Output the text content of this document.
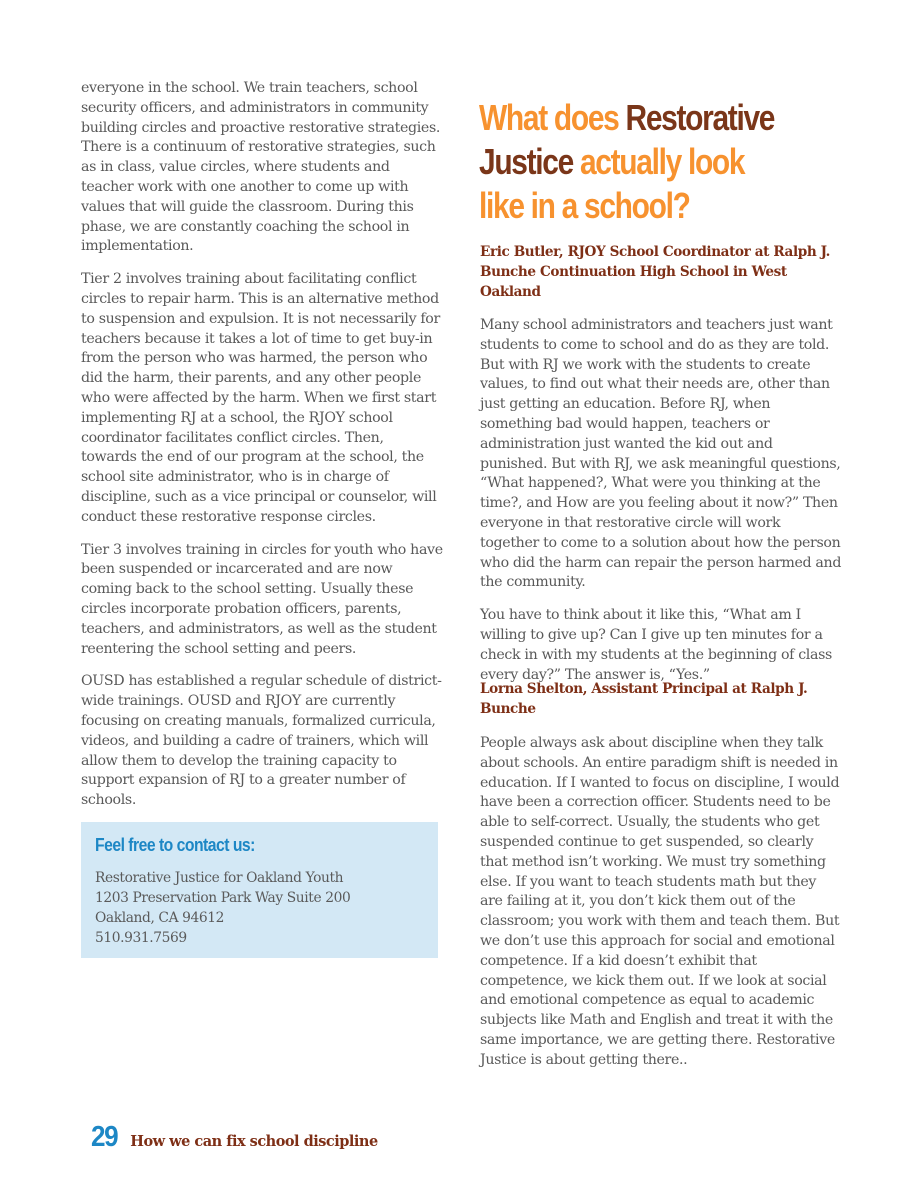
everyone in the school. We train teachers, school security officers, and administrators in community building circles and proactive restorative strategies. There is a continuum of restorative strategies, such as in class, value circles, where students and teacher work with one another to come up with values that will guide the classroom. During this phase, we are constantly coaching the school in implementation.

Tier 2 involves training about facilitating conflict circles to repair harm. This is an alternative method to suspension and expulsion. It is not necessarily for teachers because it takes a lot of time to get buy-in from the person who was harmed, the person who did the harm, their parents, and any other people who were affected by the harm. When we first start implementing RJ at a school, the RJOY school coordinator facilitates conflict circles. Then, towards the end of our program at the school, the school site administrator, who is in charge of discipline, such as a vice principal or counselor, will conduct these restorative response circles.

Tier 3 involves training in circles for youth who have been suspended or incarcerated and are now coming back to the school setting. Usually these circles incorporate probation officers, parents, teachers, and administrators, as well as the student reentering the school setting and peers.

OUSD has established a regular schedule of district-wide trainings. OUSD and RJOY are currently focusing on creating manuals, formalized curricula, videos, and building a cadre of trainers, which will allow them to develop the training capacity to support expansion of RJ to a greater number of schools.

Feel free to contact us:
Restorative Justice for Oakland Youth
1203 Preservation Park Way Suite 200
Oakland, CA 94612
510.931.7569
What does Restorative
Justice actually look
like in a school?
Eric Butler, RJOY School Coordinator at Ralph J. Bunche Continuation High School in West Oakland

Many school administrators and teachers just want students to come to school and do as they are told. But with RJ we work with the students to create values, to find out what their needs are, other than just getting an education. Before RJ, when something bad would happen, teachers or administration just wanted the kid out and punished. But with RJ, we ask meaningful questions, “What happened?, What were you thinking at the time?, and How are you feeling about it now?” Then everyone in that restorative circle will work together to come to a solution about how the person who did the harm can repair the person harmed and the community.

You have to think about it like this, “What am I willing to give up? Can I give up ten minutes for a check in with my students at the beginning of class every day?” The answer is, “Yes.”

Lorna Shelton, Assistant Principal at Ralph J. Bunche

People always ask about discipline when they talk about schools. An entire paradigm shift is needed in education. If I wanted to focus on discipline, I would have been a correction officer. Students need to be able to self-correct. Usually, the students who get suspended continue to get suspended, so clearly that method isn’t working. We must try something else. If you want to teach students math but they are failing at it, you don’t kick them out of the classroom; you work with them and teach them. But we don’t use this approach for social and emotional competence. If a kid doesn’t exhibit that competence, we kick them out. If we look at social and emotional competence as equal to academic subjects like Math and English and treat it with the same importance, we are getting there. Restorative Justice is about getting there..

29 How we can fix school discipline
